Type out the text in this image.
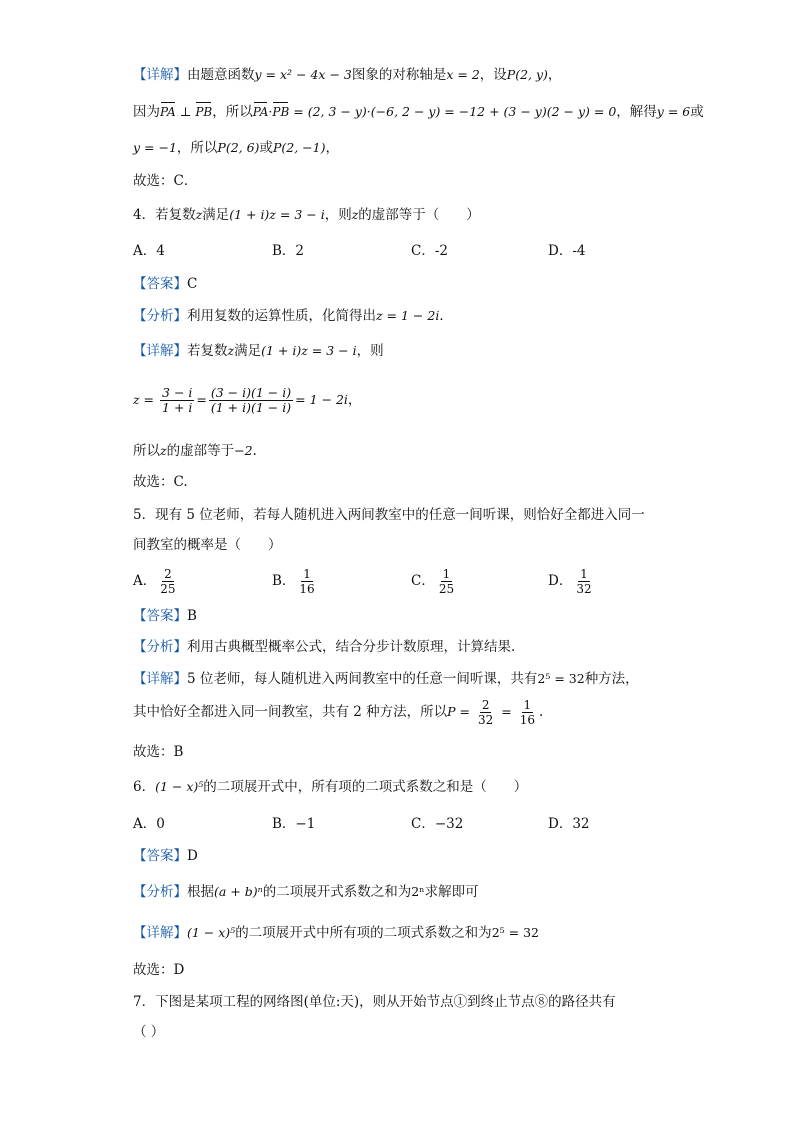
【详解】由题意函数y = x² − 4x − 3图象的对称轴是x = 2，设P(2, y)，
因为PA ⊥ PB，所以PA·PB = (2, 3 − y)·(−6, 2 − y) = −12 + (3 − y)(2 − y) = 0，解得y = 6或
y = −1，所以P(2, 6)或P(2, −1)，
故选：C．
4．若复数z满足(1 + i)z = 3 − i，则z的虚部等于（　　）
A．4	B．2	C．-2	D．-4
【答案】C
【分析】利用复数的运算性质，化简得出z = 1 − 2i．
【详解】若复数z满足(1 + i)z = 3 − i，则
$z = \frac{3 - i}{1 + i} = \frac{(3 - i)(1 - i)}{(1 + i)(1 - i)} = 1 - 2i$，
所以z的虚部等于−2.
故选：C.
5．现有 5 位老师，若每人随机进入两间教室中的任意一间听课，则恰好全都进入同一
间教室的概率是（　　）
A． $\frac{2}{25}$	B． $\frac{1}{16}$	C． $\frac{1}{25}$	D． $\frac{1}{32}$
【答案】B
【分析】利用古典概型概率公式，结合分步计数原理，计算结果.
【详解】5 位老师，每人随机进入两间教室中的任意一间听课，共有2⁵ = 32种方法，
其中恰好全都进入同一间教室，共有 2 种方法，所以$P = \frac{2}{32} = \frac{1}{16}$ .
故选：B
6．(1 − x)⁵的二项展开式中，所有项的二项式系数之和是（　　）
A．0	B．−1	C．−32	D．32
【答案】D
【分析】根据(a + b)ⁿ的二项展开式系数之和为2ⁿ求解即可
【详解】(1 − x)⁵的二项展开式中所有项的二项式系数之和为2⁵ = 32
故选：D
7．下图是某项工程的网络图(单位:天)，则从开始节点①到终止节点⑧的路径共有
（ ）
